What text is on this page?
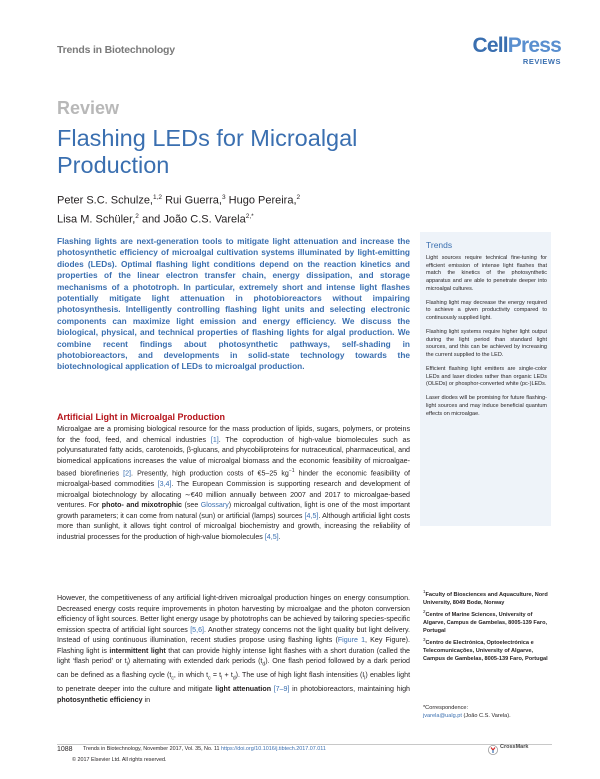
Trends in Biotechnology	CellPress
REVIEWS
Review
Flashing LEDs for Microalgal Production
Peter S.C. Schulze,$^{1,2}$ Rui Guerra,$^3$ Hugo Pereira,$^2$
Lisa M. Schüler,$^2$ and João C.S. Varela$^{2,*}$
Flashing lights are next-generation tools to mitigate light attenuation and increase the photosynthetic efficiency of microalgal cultivation systems illuminated by light-emitting diodes (LEDs). Optimal flashing light conditions depend on the reaction kinetics and properties of the linear electron transfer chain, energy dissipation, and storage mechanisms of a phototroph. In particular, extremely short and intense light flashes potentially mitigate light attenuation in photobioreactors without impairing photosynthesis. Intelligently controlling flashing light units and selecting electronic components can maximize light emission and energy efficiency. We discuss the biological, physical, and technical properties of flashing lights for algal production. We combine recent findings about photosynthetic pathways, self-shading in photobioreactors, and developments in solid-state technology towards the biotechnological application of LEDs to microalgal production.
Trends

Light sources require technical fine-tuning for efficient emission of intense light flashes that match the kinetics of the photosynthetic apparatus and are able to penetrate deeper into microalgal cultures.

Flashing light may decrease the energy required to achieve a given productivity compared to continuously supplied light.

Flashing light systems require higher light output during the light period than standard light sources, and this can be achieved by increasing the current supplied to the LED.

Efficient flashing light emitters are single-color LEDs and laser diodes rather than organic LEDs (OLEDs) or phosphor-converted white (pc-)LEDs.

Laser diodes will be promising for future flashing-light sources and may induce beneficial quantum effects on microalgae.

Artificial Light in Microalgal Production

Microalgae are a promising biological resource for the mass production of lipids, sugars, polymers, or proteins for the food, feed, and chemical industries [1]. The coproduction of high-value biomolecules such as polyunsaturated fatty acids, carotenoids, β-glucans, and phycobiliproteins for nutraceutical, pharmaceutical, and biomedical applications increases the value of microalgal biomass and the economic feasibility of microalgae-based biorefineries [2]. Presently, high production costs of €5–25 $kg^{-1}$ hinder the economic feasibility of microalgal-based commodities [3,4]. The European Commission is supporting research and development of microalgal biotechnology by allocating ∼€40 million annually between 2007 and 2017 to microalgae-based ventures. For photo- and mixotrophic (see Glossary) microalgal cultivation, light is one of the most important growth parameters; it can come from natural (sun) or artificial (lamps) sources [4,5]. Although artificial light costs more than sunlight, it allows tight control of microalgal biochemistry and growth, increasing the reliability of industrial processes for the production of high-value biomolecules [4,5].

However, the competitiveness of any artificial light-driven microalgal production hinges on energy consumption. Decreased energy costs require improvements in photon harvesting by microalgae and the photon conversion efficiency of light sources. Better light energy usage by phototrophs can be achieved by tailoring species-specific emission spectra of artificial light sources [5,6]. Another strategy concerns not the light quality but light delivery. Instead of using continuous illumination, recent studies propose using flashing lights (Figure 1, Key Figure). Flashing light is intermittent light that can provide highly intense light flashes with a short duration (called the light ‘flash period’ or $t_l$) alternating with extended dark periods $(t_d)$. One flash period followed by a dark period can be defined as a flashing cycle ($t_c$, in which $t_c = t_l + t_d$). The use of high light flash intensities $(I_l)$ enables light to penetrate deeper into the culture and mitigate light attenuation [7–9] in photobioreactors, maintaining high photosynthetic efficiency in

$^1$Faculty of Biosciences and Aquaculture, Nord University, 8049 Bodø, Norway

$^2$Centre of Marine Sciences, University of Algarve, Campus de Gambelas, 8005-139 Faro, Portugal

$^3$Centro de Electrónica, Optoelectrónica e Telecomunicações, University of Algarve, Campus de Gambelas, 8005-139 Faro, Portugal

*Correspondence:
jvarela@ualg.pt (João C.S. Varela).
1088 Trends in Biotechnology, November 2017, Vol. 35, No. 11 https://doi.org/10.1016/j.tibtech.2017.07.011
© 2017 Elsevier Ltd. All rights reserved.
CrossMark
